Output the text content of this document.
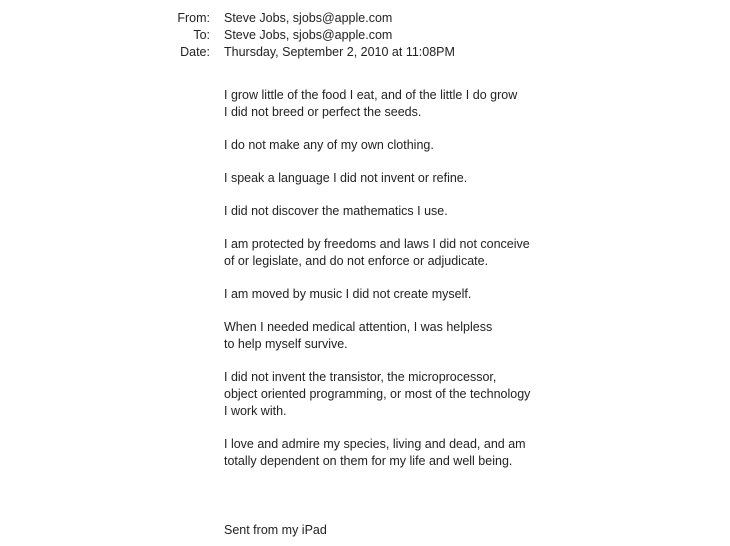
From: Steve Jobs, sjobs@apple.com
To: Steve Jobs, sjobs@apple.com
Date: Thursday, September 2, 2010 at 11:08PM

I grow little of the food I eat, and of the little I do grow
I did not breed or perfect the seeds.

I do not make any of my own clothing.

I speak a language I did not invent or refine.

I did not discover the mathematics I use.

I am protected by freedoms and laws I did not conceive
of or legislate, and do not enforce or adjudicate.

I am moved by music I did not create myself.

When I needed medical attention, I was helpless
to help myself survive.

I did not invent the transistor, the microprocessor,
object oriented programming, or most of the technology
I work with.

I love and admire my species, living and dead, and am
totally dependent on them for my life and well being.

Sent from my iPad
